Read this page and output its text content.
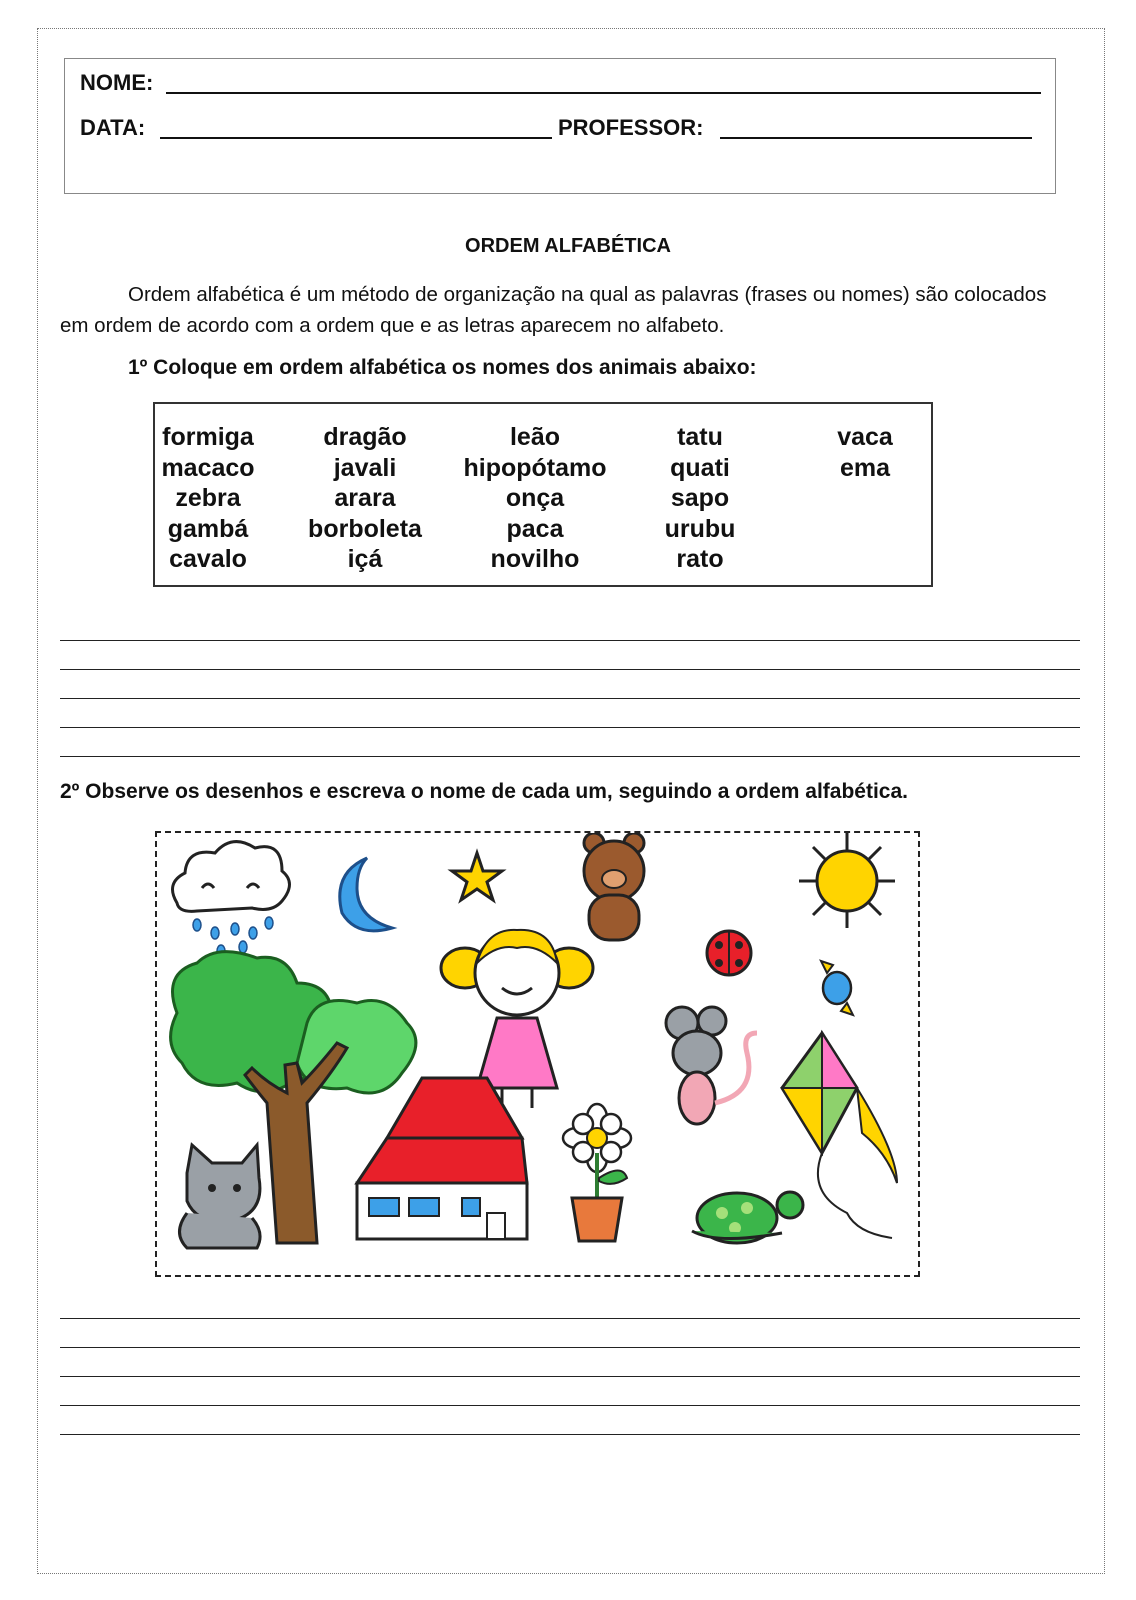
NOME:
DATA:	PROFESSOR:
ORDEM ALFABÉTICA
Ordem alfabética é um método de organização na qual as palavras (frases ou nomes) são colocados em ordem de acordo com a ordem que e as letras aparecem no alfabeto.
1º Coloque em ordem alfabética os nomes dos animais abaixo:
formiga
macaco
zebra
gambá
cavalo
dragão
javali
arara
borboleta
içá
leão
hipopótamo
onça
paca
novilho
tatu
quati
sapo
urubu
rato
vaca
ema
2º Observe os desenhos e escreva o nome de cada um, seguindo a ordem alfabética.
